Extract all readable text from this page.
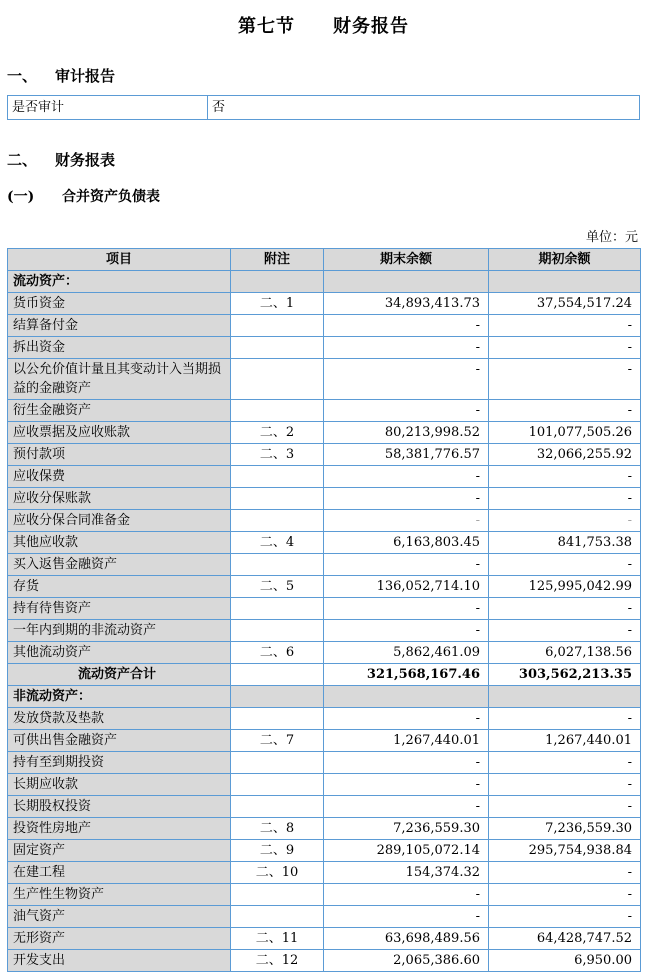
第七节　　财务报告
一、	审计报告
是否审计	否
二、	财务报表
(一)	合并资产负债表
单位：元
项目	附注	期末余额	期初余额
流动资产：			
货币资金	二、1	34,893,413.73	37,554,517.24
结算备付金		-	-
拆出资金		-	-
以公允价值计量且其变动计入当期损益的金融资产		-	-
衍生金融资产		-	-
应收票据及应收账款	二、2	80,213,998.52	101,077,505.26
预付款项	二、3	58,381,776.57	32,066,255.92
应收保费		-	-
应收分保账款		-	-
应收分保合同准备金		-	-
其他应收款	二、4	6,163,803.45	841,753.38
买入返售金融资产		-	-
存货	二、5	136,052,714.10	125,995,042.99
持有待售资产		-	-
一年内到期的非流动资产		-	-
其他流动资产	二、6	5,862,461.09	6,027,138.56
流动资产合计		321,568,167.46	303,562,213.35
非流动资产：			
发放贷款及垫款		-	-
可供出售金融资产	二、7	1,267,440.01	1,267,440.01
持有至到期投资		-	-
长期应收款		-	-
长期股权投资		-	-
投资性房地产	二、8	7,236,559.30	7,236,559.30
固定资产	二、9	289,105,072.14	295,754,938.84
在建工程	二、10	154,374.32	-
生产性生物资产		-	-
油气资产		-	-
无形资产	二、11	63,698,489.56	64,428,747.52
开发支出	二、12	2,065,386.60	6,950.00
